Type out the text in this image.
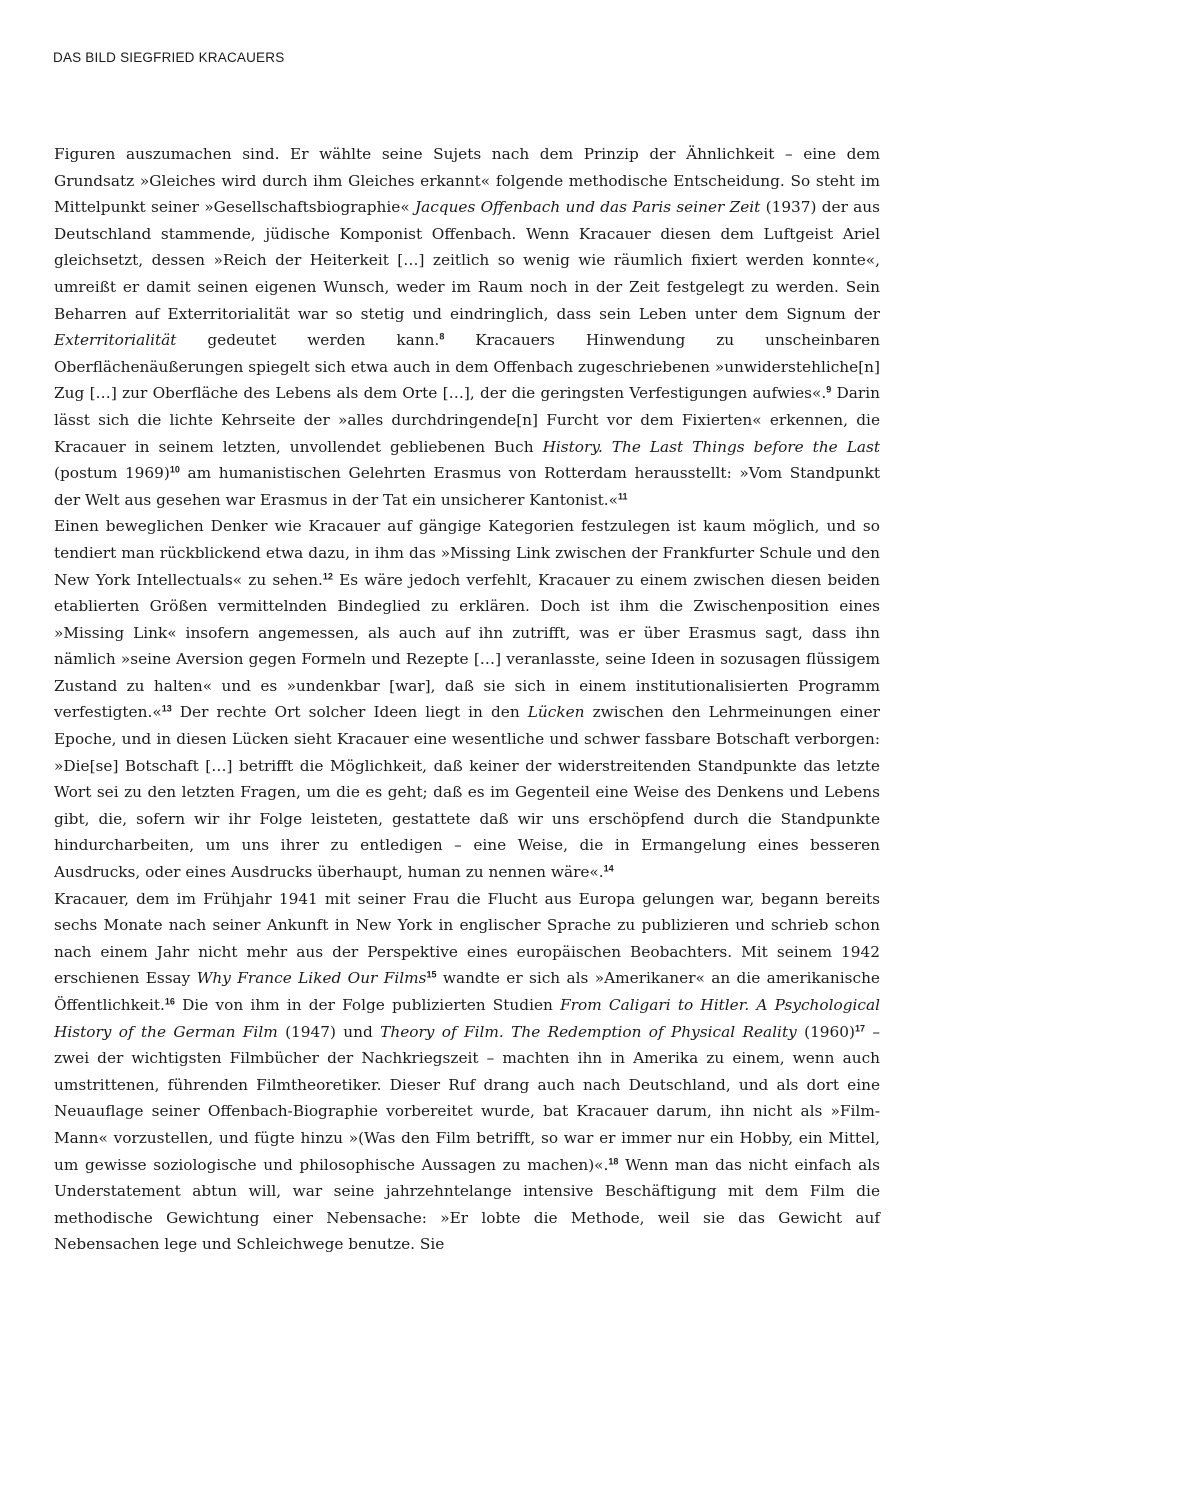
DAS BILD SIEGFRIED KRACAUERS

Figuren auszumachen sind. Er wählte seine Sujets nach dem Prinzip der Ähnlichkeit – eine dem Grundsatz »Gleiches wird durch ihm Gleiches erkannt« folgende methodische Entscheidung. So steht im Mittelpunkt seiner »Gesellschaftsbiographie« Jacques Offenbach und das Paris seiner Zeit (1937) der aus Deutschland stammende, jüdische Komponist Offenbach. Wenn Kracauer diesen dem Luftgeist Ariel gleichsetzt, dessen »Reich der Heiterkeit […] zeitlich so wenig wie räumlich fixiert werden konnte«, umreißt er damit seinen eigenen Wunsch, weder im Raum noch in der Zeit festgelegt zu werden. Sein Beharren auf Exterritorialität war so stetig und eindringlich, dass sein Leben unter dem Signum der Exterritorialität gedeutet werden kann.$^8$ Kracauers Hinwendung zu unscheinbaren Oberflächenäußerungen spiegelt sich etwa auch in dem Offenbach zugeschriebenen »unwiderstehliche[n] Zug […] zur Oberfläche des Lebens als dem Orte […], der die geringsten Verfestigungen aufwies«.$^9$ Darin lässt sich die lichte Kehrseite der »alles durchdringende[n] Furcht vor dem Fixierten« erkennen, die Kracauer in seinem letzten, unvollendet gebliebenen Buch History. The Last Things before the Last (postum 1969)$^{10}$ am humanistischen Gelehrten Erasmus von Rotterdam herausstellt: »Vom Standpunkt der Welt aus gesehen war Erasmus in der Tat ein unsicherer Kantonist.«$^{11}$

Einen beweglichen Denker wie Kracauer auf gängige Kategorien festzulegen ist kaum möglich, und so tendiert man rückblickend etwa dazu, in ihm das »Missing Link zwischen der Frankfurter Schule und den New York Intellectuals« zu sehen.$^{12}$ Es wäre jedoch verfehlt, Kracauer zu einem zwischen diesen beiden etablierten Größen vermittelnden Bindeglied zu erklären. Doch ist ihm die Zwischenposition eines »Missing Link« insofern angemessen, als auch auf ihn zutrifft, was er über Erasmus sagt, dass ihn nämlich »seine Aversion gegen Formeln und Rezepte […] veranlasste, seine Ideen in sozusagen flüssigem Zustand zu halten« und es »undenkbar [war], daß sie sich in einem institutionalisierten Programm verfestigten.«$^{13}$ Der rechte Ort solcher Ideen liegt in den Lücken zwischen den Lehrmeinungen einer Epoche, und in diesen Lücken sieht Kracauer eine wesentliche und schwer fassbare Botschaft verborgen: »Die[se] Botschaft […] betrifft die Möglichkeit, daß keiner der widerstreitenden Standpunkte das letzte Wort sei zu den letzten Fragen, um die es geht; daß es im Gegenteil eine Weise des Denkens und Lebens gibt, die, sofern wir ihr Folge leisteten, gestattete daß wir uns erschöpfend durch die Standpunkte hindurcharbeiten, um uns ihrer zu entledigen – eine Weise, die in Ermangelung eines besseren Ausdrucks, oder eines Ausdrucks überhaupt, human zu nennen wäre«.$^{14}$

Kracauer, dem im Frühjahr 1941 mit seiner Frau die Flucht aus Europa gelungen war, begann bereits sechs Monate nach seiner Ankunft in New York in englischer Sprache zu publizieren und schrieb schon nach einem Jahr nicht mehr aus der Perspektive eines europäischen Beobachters. Mit seinem 1942 erschienen Essay Why France Liked Our Films$^{15}$ wandte er sich als »Amerikaner« an die amerikanische Öffentlichkeit.$^{16}$ Die von ihm in der Folge publizierten Studien From Caligari to Hitler. A Psychological History of the German Film (1947) und Theory of Film. The Redemption of Physical Reality $(1960)^{17}$ – zwei der wichtigsten Filmbücher der Nachkriegszeit – machten ihn in Amerika zu einem, wenn auch umstrittenen, führenden Filmtheoretiker. Dieser Ruf drang auch nach Deutschland, und als dort eine Neuauflage seiner Offenbach-Biographie vorbereitet wurde, bat Kracauer darum, ihn nicht als »Film-Mann« vorzustellen, und fügte hinzu »(Was den Film betrifft, so war er immer nur ein Hobby, ein Mittel, um gewisse soziologische und philosophische Aussagen zu machen)«.$^{18}$ Wenn man das nicht einfach als Understatement abtun will, war seine jahrzehntelange intensive Beschäftigung mit dem Film die methodische Gewichtung einer Nebensache: »Er lobte die Methode, weil sie das Gewicht auf Nebensachen lege und Schleichwege benutze. Sie
